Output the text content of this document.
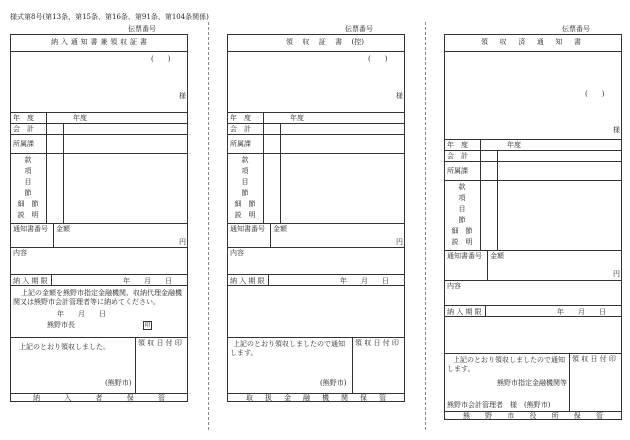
様式第8号(第13条、第15条、第16条、第91条、第104条関係)
伝票番号
納 入 通 知 書 兼 領 収 証 書
(　　)
様
年　度	年度
会　計
所属課
款
項
目
節
細　節
説　明
通知書番号 金額
円
内容
納 入 期 限	年　　月　　日
上記の金額を熊野市指定金融機関、収納代理金融機
関又は熊野市会計管理者等に納めてください。
年　　月　　日
熊野市長	印
上記のとおり領収しました。	領 収 日 付 印
(熊野市)
納	入	者	保	管
伝票番号
領 収 証 書 (控)
(　　)
様
年　度	年度
会　計
所属課
款
項
目
節
細　節
説　明
通知書番号 金額
円
内容
納 入 期 限	年　　月　　日
上記のとおり領収しましたので通知
します。
領 収 日 付 印
(熊野市)
取 扱 金 融 機 関 保 管
伝票番号
領 収 済 通 知 書
(　　)
様
年　度	年度
会　計
所属課
款
項
目
節
細　節
説　明
通知書番号 金額
円
内容
納 入 期 限	年　　月　　日
上記のとおり領収しましたので通知
します。
領 収 日 付 印
熊野市指定金融機関等
熊野市会計管理者　様　(熊野市)
熊 野 市 役 所 保 管
